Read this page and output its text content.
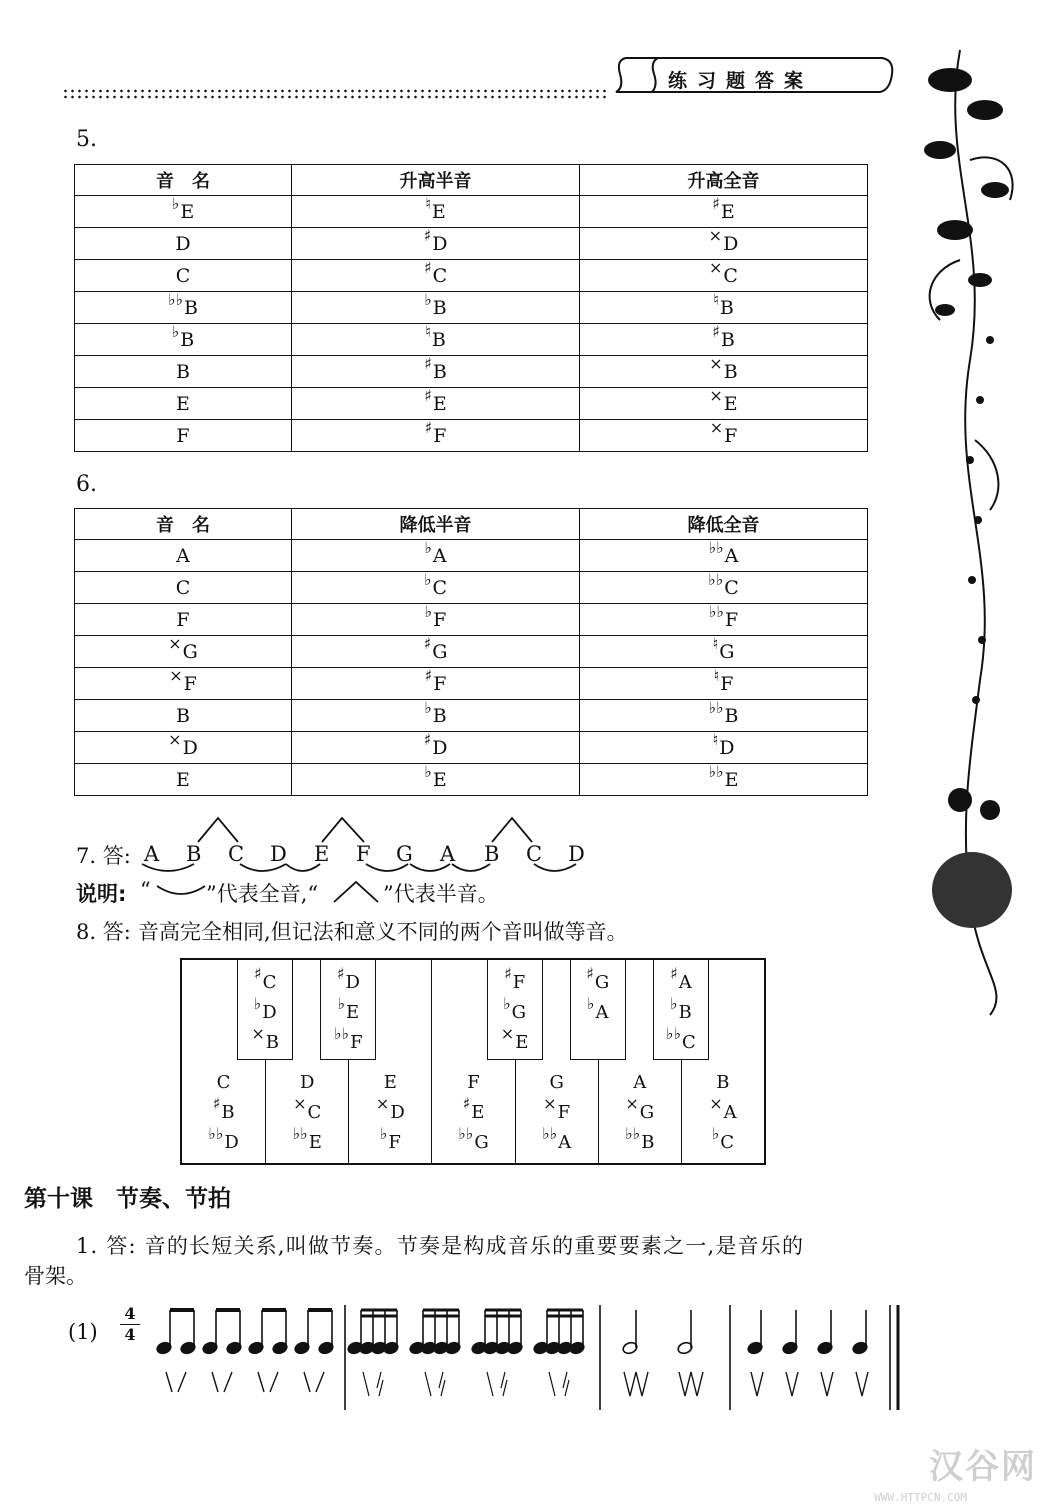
练习题答案
5.
音　名	升高半音	升高全音
♭E	♮E	♯E
D	♯D	×D
C	♯C	×C
♭♭B	♭B	♮B
♭B	♮B	♯B
B	♯B	×B
E	♯E	×E
F	♯F	×F
6.
音　名	降低半音	降低全音
A	♭A	♭♭A
C	♭C	♭♭C
F	♭F	♭♭F
×G	♯G	♮G
×F	♯F	♮F
B	♭B	♭♭B
×D	♯D	♮D
E	♭E	♭♭E
7. 答: A B C D E F G A B C D
说明: “	”代表全音,“	”代表半音。
8. 答: 音高完全相同,但记法和意义不同的两个音叫做等音。
C
♯B
♭♭D
D
×C
♭♭E
E
×D
♭F
F
♯E
♭♭G
G
×F
♭♭A
A
×G
♭♭B
B
×A
♭C
♯C
♭D
×B
♯D
♭E
♭♭F
♯F
♭G
×E
♯G
♭A
♯A
♭B
♭♭C
第十课　节奏、节拍
1. 答: 音的长短关系,叫做节奏。节奏是构成音乐的重要要素之一,是音乐的
骨架。
(1)
4
4
汉谷网
WWW.HTTPCN.COM
